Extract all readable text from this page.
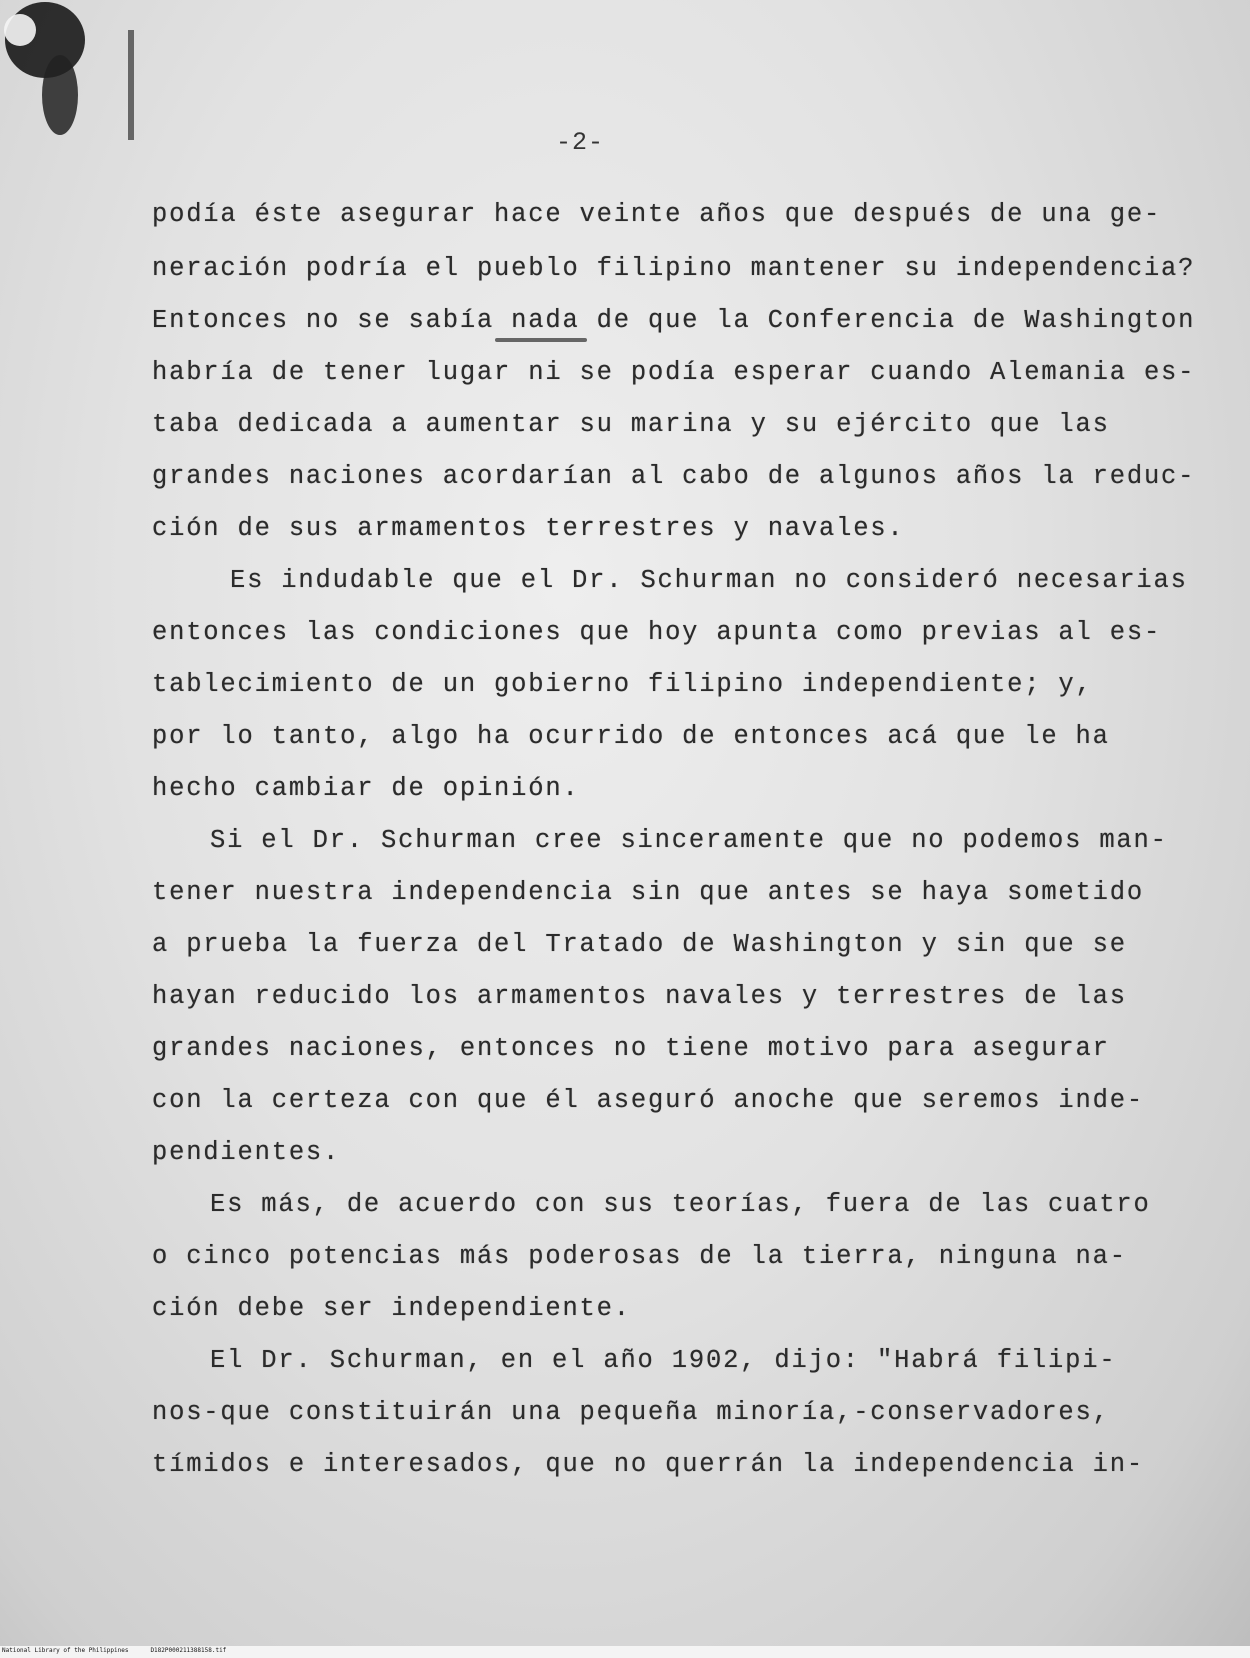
-2-
podía éste asegurar hace veinte años que después de una ge-
neración podría el pueblo filipino mantener su independencia?
Entonces no se sabía nada de que la Conferencia de Washington
habría de tener lugar ni se podía esperar cuando Alemania es-
taba dedicada a aumentar su marina y su ejército que las
grandes naciones acordarían al cabo de algunos años la reduc-
ción de sus armamentos terrestres y navales.
Es indudable que el Dr. Schurman no consideró necesarias
entonces las condiciones que hoy apunta como previas al es-
tablecimiento de un gobierno filipino independiente; y,
por lo tanto, algo ha ocurrido de entonces acá que le ha
hecho cambiar de opinión.
Si el Dr. Schurman cree sinceramente que no podemos man-
tener nuestra independencia sin que antes se haya sometido
a prueba la fuerza del Tratado de Washington y sin que se
hayan reducido los armamentos navales y terrestres de las
grandes naciones, entonces no tiene motivo para asegurar
con la certeza con que él aseguró anoche que seremos inde-
pendientes.
Es más, de acuerdo con sus teorías, fuera de las cuatro
o cinco potencias más poderosas de la tierra, ninguna na-
ción debe ser independiente.
El Dr. Schurman, en el año 1902, dijo: "Habrá filipi-
nos-que constituirán una pequeña minoría,-conservadores,
tímidos e interesados, que no querrán la independencia in-
National Library of the Philippines	D182P000211388158.tif
